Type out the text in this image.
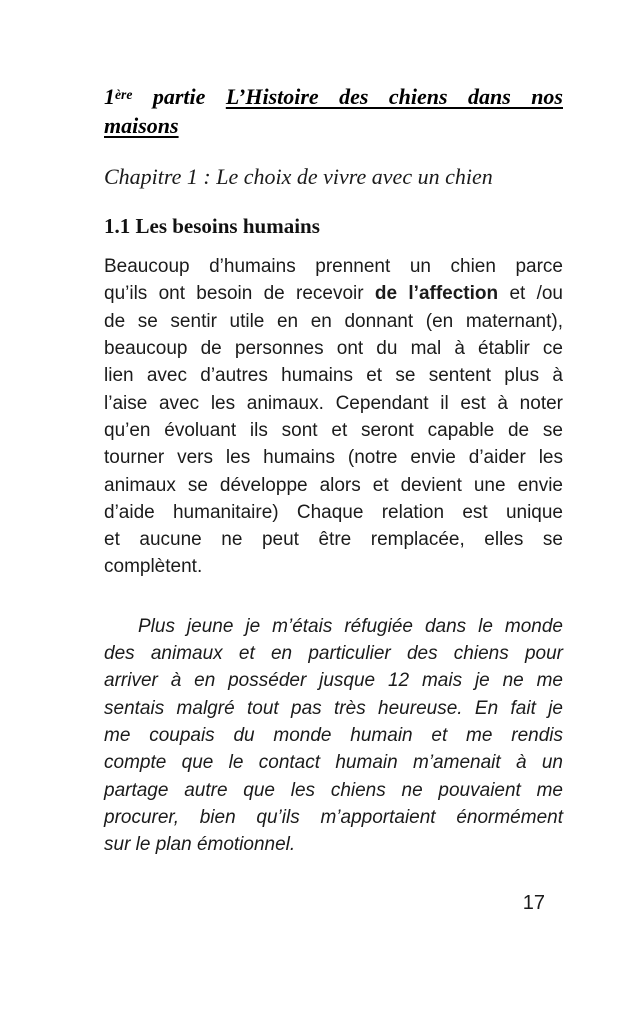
1ère partie L’Histoire des chiens dans nos
maisons
Chapitre 1 : Le choix de vivre avec un chien
1.1 Les besoins humains
Beaucoup d’humains prennent un chien parce
qu’ils ont besoin de recevoir de l’affection et /ou
de se sentir utile en en donnant (en maternant),
beaucoup de personnes ont du mal à établir ce
lien avec d’autres humains et se sentent plus à
l’aise avec les animaux. Cependant il est à noter
qu’en évoluant ils sont et seront capable de se
tourner vers les humains (notre envie d’aider les
animaux se développe alors et devient une envie
d’aide humanitaire) Chaque relation est unique
et aucune ne peut être remplacée, elles se
complètent.
Plus jeune je m’étais réfugiée dans le monde
des animaux et en particulier des chiens pour
arriver à en posséder jusque 12 mais je ne me
sentais malgré tout pas très heureuse. En fait je
me coupais du monde humain et me rendis
compte que le contact humain m’amenait à un
partage autre que les chiens ne pouvaient me
procurer, bien qu’ils m’apportaient énormément
sur le plan émotionnel.
17
